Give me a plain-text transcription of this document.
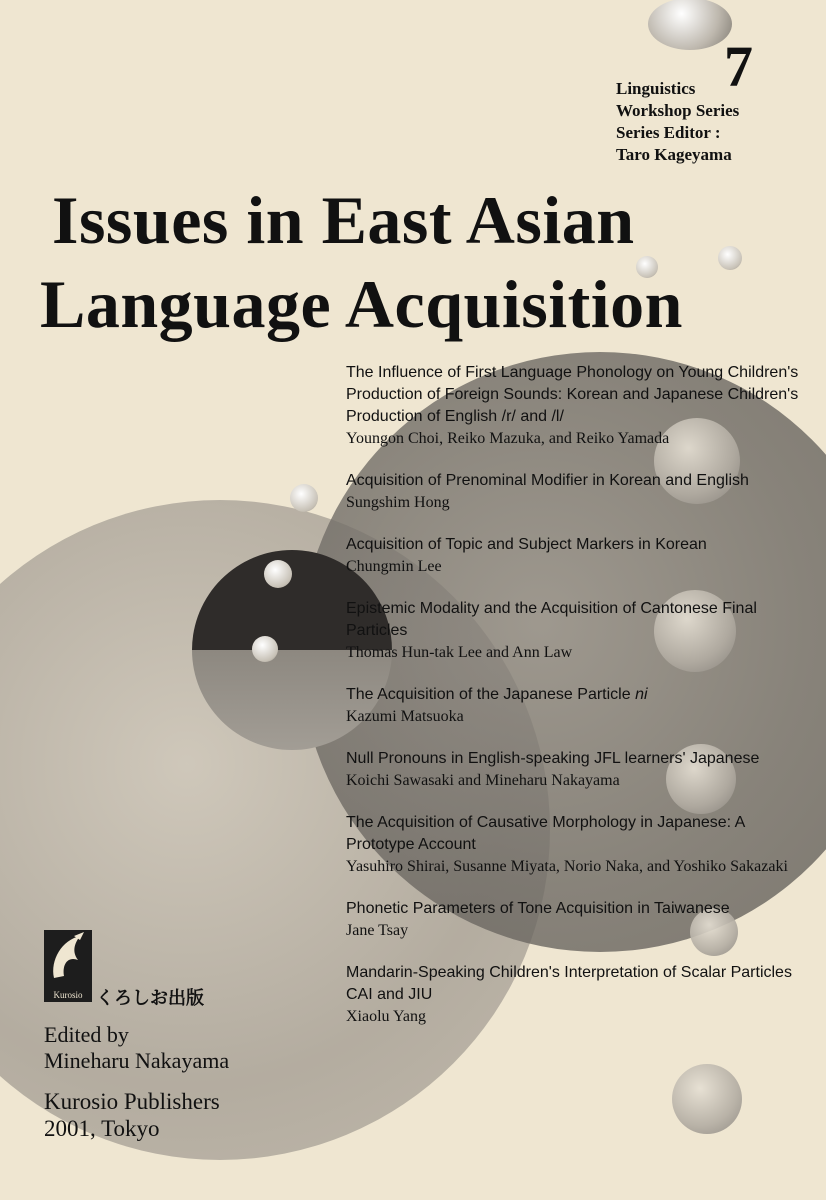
7
Linguistics
Workshop Series
Series Editor :
Taro Kageyama
Issues in East Asian
Language Acquisition
The Influence of First Language Phonology on Young Children's Production of Foreign Sounds: Korean and Japanese Children's Production of English /r/ and /l/
Youngon Choi, Reiko Mazuka, and Reiko Yamada
Acquisition of Prenominal Modifier in Korean and English
Sungshim Hong
Acquisition of Topic and Subject Markers in Korean
Chungmin Lee
Epistemic Modality and the Acquisition of Cantonese Final Particles
Thomas Hun-tak Lee and Ann Law
The Acquisition of the Japanese Particle ni
Kazumi Matsuoka
Null Pronouns in English-speaking JFL learners' Japanese
Koichi Sawasaki and Mineharu Nakayama
The Acquisition of Causative Morphology in Japanese: A Prototype Account
Yasuhiro Shirai, Susanne Miyata, Norio Naka, and Yoshiko Sakazaki
Phonetic Parameters of Tone Acquisition in Taiwanese
Jane Tsay
Mandarin-Speaking Children's Interpretation of Scalar Particles CAI and JIU
Xiaolu Yang
Kurosio くろしお出版
Edited by
Mineharu Nakayama
Kurosio Publishers
2001, Tokyo
